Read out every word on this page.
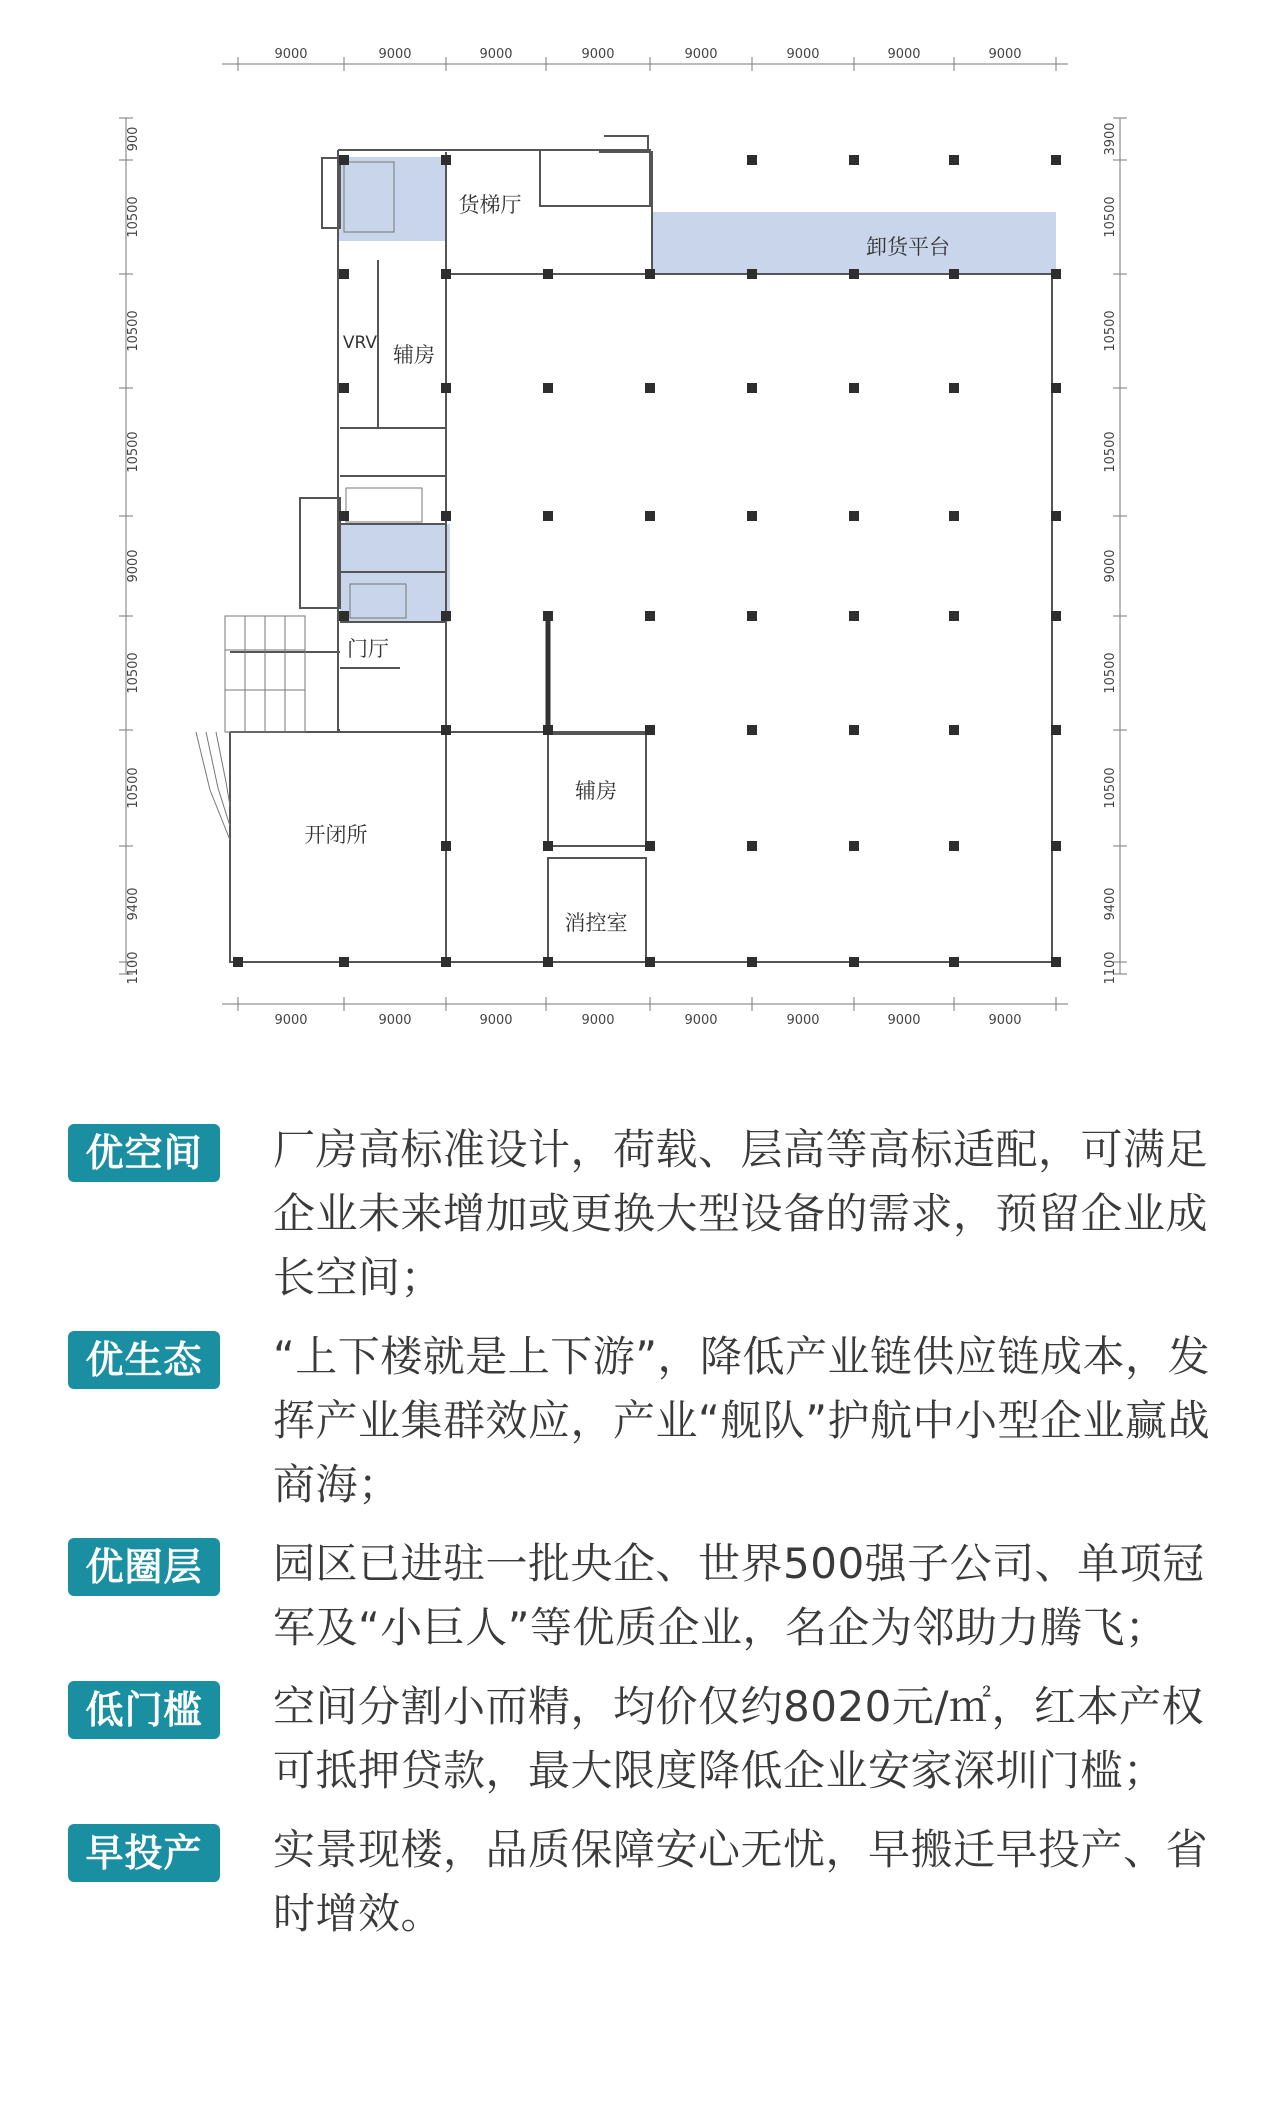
9000	9000	9000	9000	9000	9000	9000	9000
9000	9000	9000	9000	9000	9000	9000	9000
900
10500
10500
10500
9000
10500
10500
9400
1100
3900
10500
10500
10500
9000
10500
10500
9400
1100
货梯厅
卸货平台
VRV 辅房
门厅
开闭所
辅房
消控室
优空间	厂房高标准设计，荷载、层高等高标适配，可满足企业未来增加或更换大型设备的需求，预留企业成长空间；
优生态	“上下楼就是上下游”，降低产业链供应链成本，发挥产业集群效应，产业“舰队”护航中小型企业赢战商海；
优圈层	园区已进驻一批央企、世界500强子公司、单项冠军及“小巨人”等优质企业，名企为邻助力腾飞；
低门槛	空间分割小而精，均价仅约8020元/㎡，红本产权可抵押贷款，最大限度降低企业安家深圳门槛；
早投产	实景现楼，品质保障安心无忧，早搬迁早投产、省时增效。
